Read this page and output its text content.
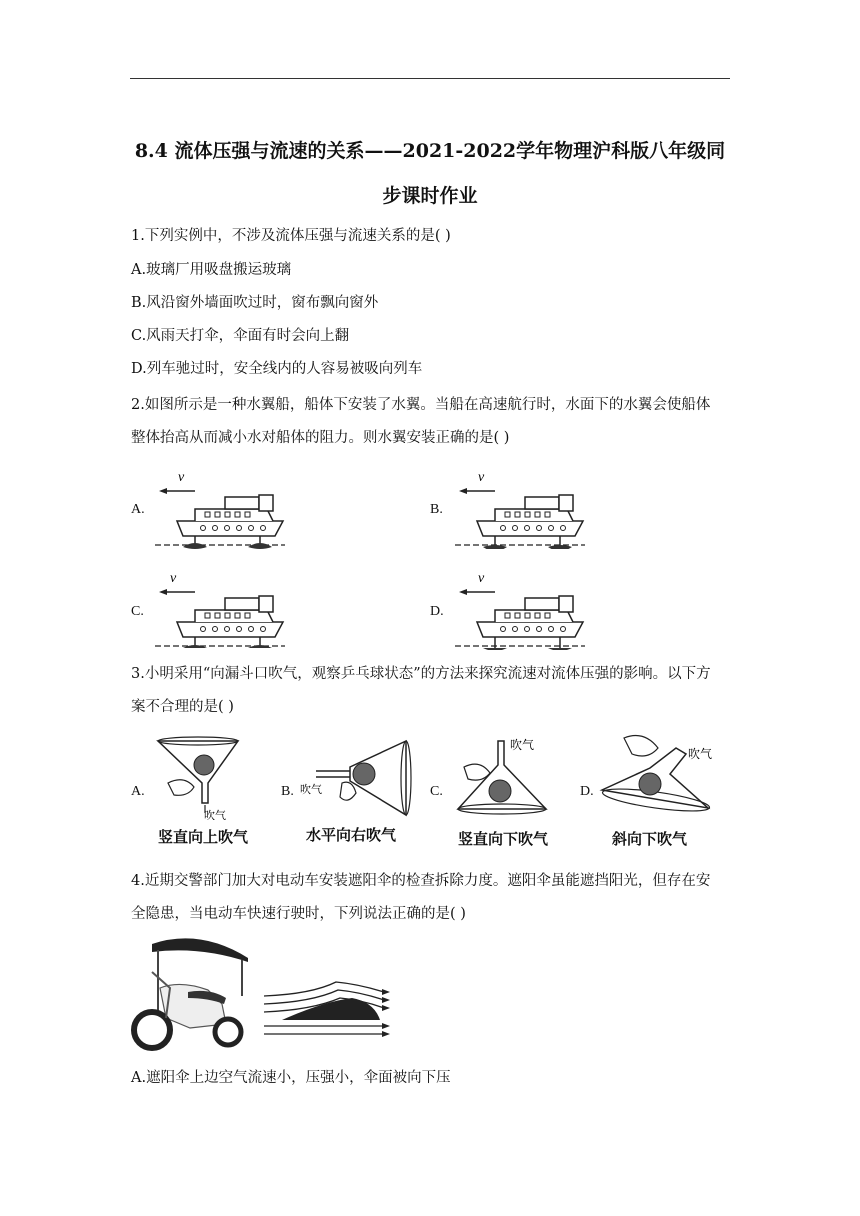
8.4 流体压强与流速的关系——2021-2022学年物理沪科版八年级同
步课时作业
1.下列实例中，不涉及流体压强与流速关系的是( )
A.玻璃厂用吸盘搬运玻璃
B.风沿窗外墙面吹过时，窗布飘向窗外
C.风雨天打伞，伞面有时会向上翻
D.列车驰过时，安全线内的人容易被吸向列车
2.如图所示是一种水翼船，船体下安装了水翼。当船在高速航行时，水面下的水翼会使船体
整体抬高从而减小水对船体的阻力。则水翼安装正确的是( )
A.
v
B.
v
C.
v
D.
v
3.小明采用“向漏斗口吹气，观察乒乓球状态”的方法来探究流速对流体压强的影响。以下方
案不合理的是( )
A.
吹气
竖直向上吹气
B. 吹气
水平向右吹气
C.
吹气
竖直向下吹气
D.
吹气
斜向下吹气
4.近期交警部门加大对电动车安装遮阳伞的检查拆除力度。遮阳伞虽能遮挡阳光，但存在安
全隐患，当电动车快速行驶时，下列说法正确的是( )
A.遮阳伞上边空气流速小，压强小，伞面被向下压
